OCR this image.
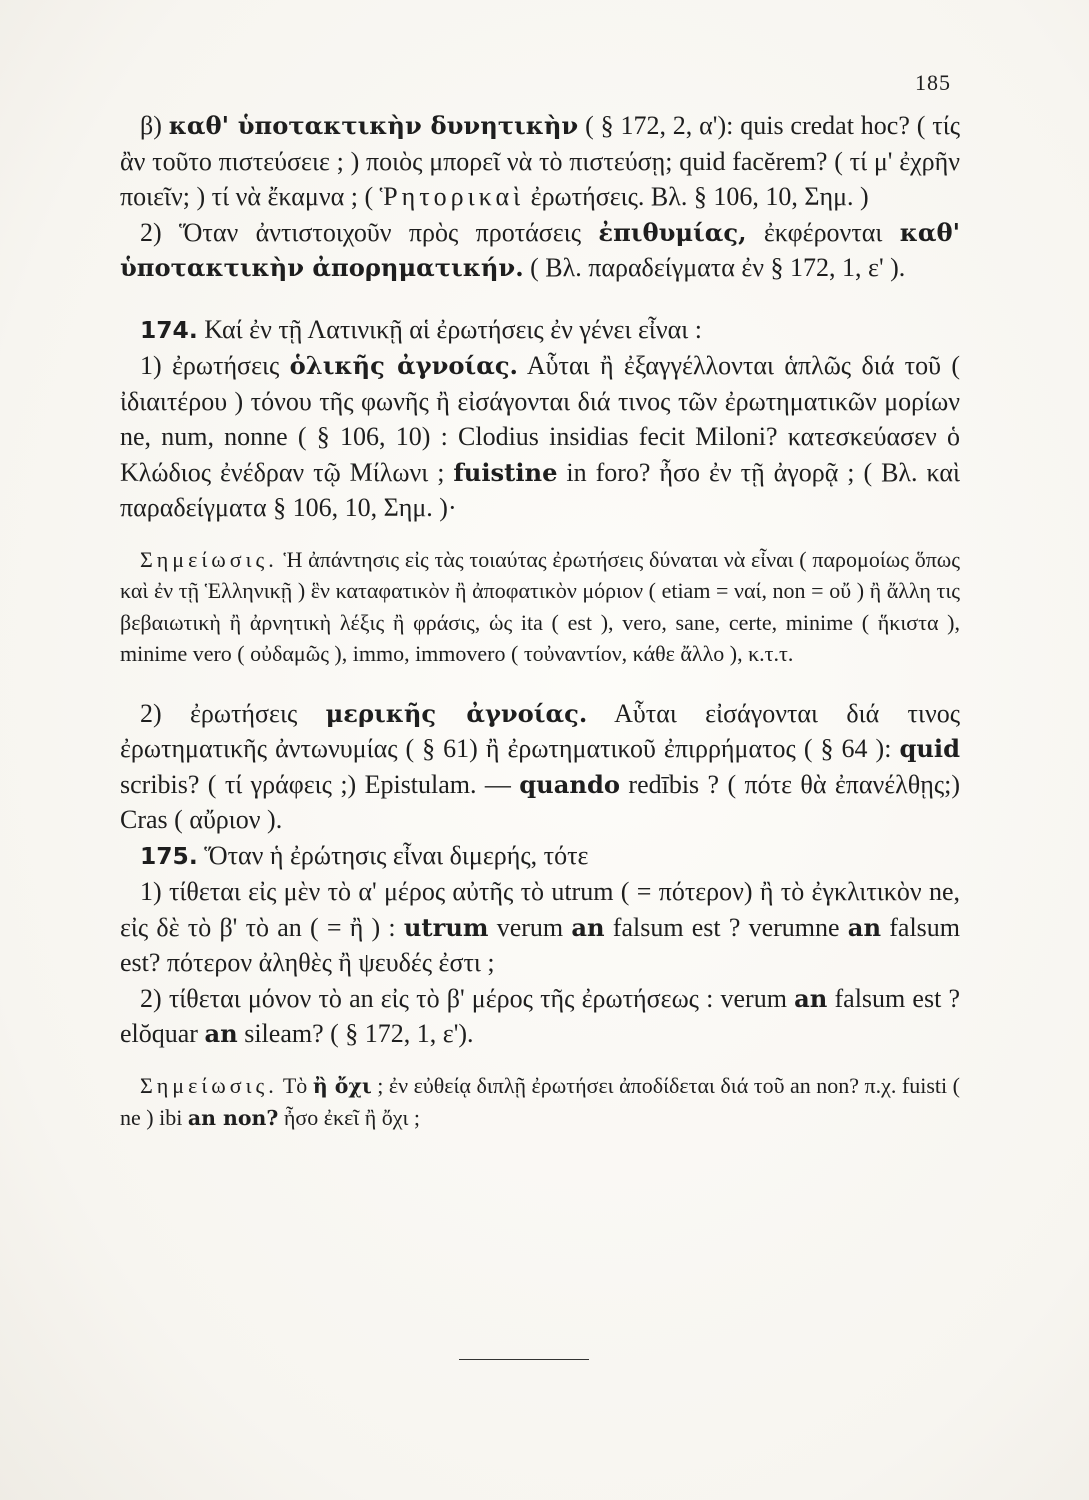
185

β) καθ' ὑποτακτικὴν δυνητικὴν ( § 172, 2, α'): quis credat hoc? ( τίς ἂν τοῦτο πιστεύσειε ; ) ποιὸς μπορεῖ νὰ τὸ πιστεύσῃ; quid facĕrem? ( τί μ' ἐχρῆν ποιεῖν; ) τί νὰ ἔκαμνα ; ( Ῥητορικαὶ ἐρωτήσεις. Βλ. § 106, 10, Σημ. )

2) Ὅταν ἀντιστοιχοῦν πρὸς προτάσεις ἐπιθυμίας, ἐκφέρονται καθ' ὑποτακτικὴν ἀπορηματικήν. ( Βλ. παραδείγματα ἐν § 172, 1, ε' ).

174. Καί ἐν τῇ Λατινικῇ αἱ ἐρωτήσεις ἐν γένει εἶναι :

1) ἐρωτήσεις ὁλικῆς ἀγνοίας. Αὗται ἢ ἐξαγγέλλονται ἁπλῶς διά τοῦ ( ἰδιαιτέρου ) τόνου τῆς φωνῆς ἢ εἰσάγονται διά τινος τῶν ἐρωτηματικῶν μορίων ne, num, nonne ( § 106, 10) : Clodius insidias fecit Miloni? κατεσκεύασεν ὁ Κλώδιος ἐνέδραν τῷ Μίλωνι ; fuistine in foro? ἦσο ἐν τῇ ἀγορᾷ ; ( Βλ. καὶ παραδείγματα § 106, 10, Σημ. )·

Σημείωσις. Ἡ ἀπάντησις εἰς τὰς τοιαύτας ἐρωτήσεις δύναται νὰ εἶναι ( παρομοίως ὅπως καὶ ἐν τῇ Ἑλληνικῇ ) ἓν καταφατικὸν ἢ ἀποφατικὸν μόριον ( etiam = ναί, non = οὔ ) ἢ ἄλλη τις βεβαιωτικὴ ἢ ἀρνητικὴ λέξις ἢ φράσις, ὡς ita ( est ), vero, sane, certe, minime ( ἥκιστα ), minime vero ( οὐδαμῶς ), immo, immovero ( τοὐναντίον, κάθε ἄλλο ), κ.τ.τ.

2) ἐρωτήσεις μερικῆς ἀγνοίας. Αὗται εἰσάγονται διά τινος ἐρωτηματικῆς ἀντωνυμίας ( § 61) ἢ ἐρωτηματικοῦ ἐπιρρήματος ( § 64 ): quid scribis? ( τί γράφεις ;) Epistulam. — quando redībis ? ( πότε θὰ ἐπανέλθῃς;) Cras ( αὔριον ).

175. Ὅταν ἡ ἐρώτησις εἶναι διμερής, τότε

1) τίθεται εἰς μὲν τὸ α' μέρος αὐτῆς τὸ utrum ( = πότερον) ἢ τὸ ἐγκλιτικὸν ne, εἰς δὲ τὸ β' τὸ an ( = ἢ ) : utrum verum an falsum est ? verumne an falsum est? πότερον ἀληθὲς ἢ ψευδές ἐστι ;

2) τίθεται μόνον τὸ an εἰς τὸ β' μέρος τῆς ἐρωτήσεως : verum an falsum est ? elŏquar an sileam? ( § 172, 1, ε').

Σημείωσις. Τὸ ἢ ὄχι ; ἐν εὐθείᾳ διπλῇ ἐρωτήσει ἀποδίδεται διά τοῦ an non? π.χ. fuisti ( ne ) ibi an non? ἦσο ἐκεῖ ἢ ὄχι ;
